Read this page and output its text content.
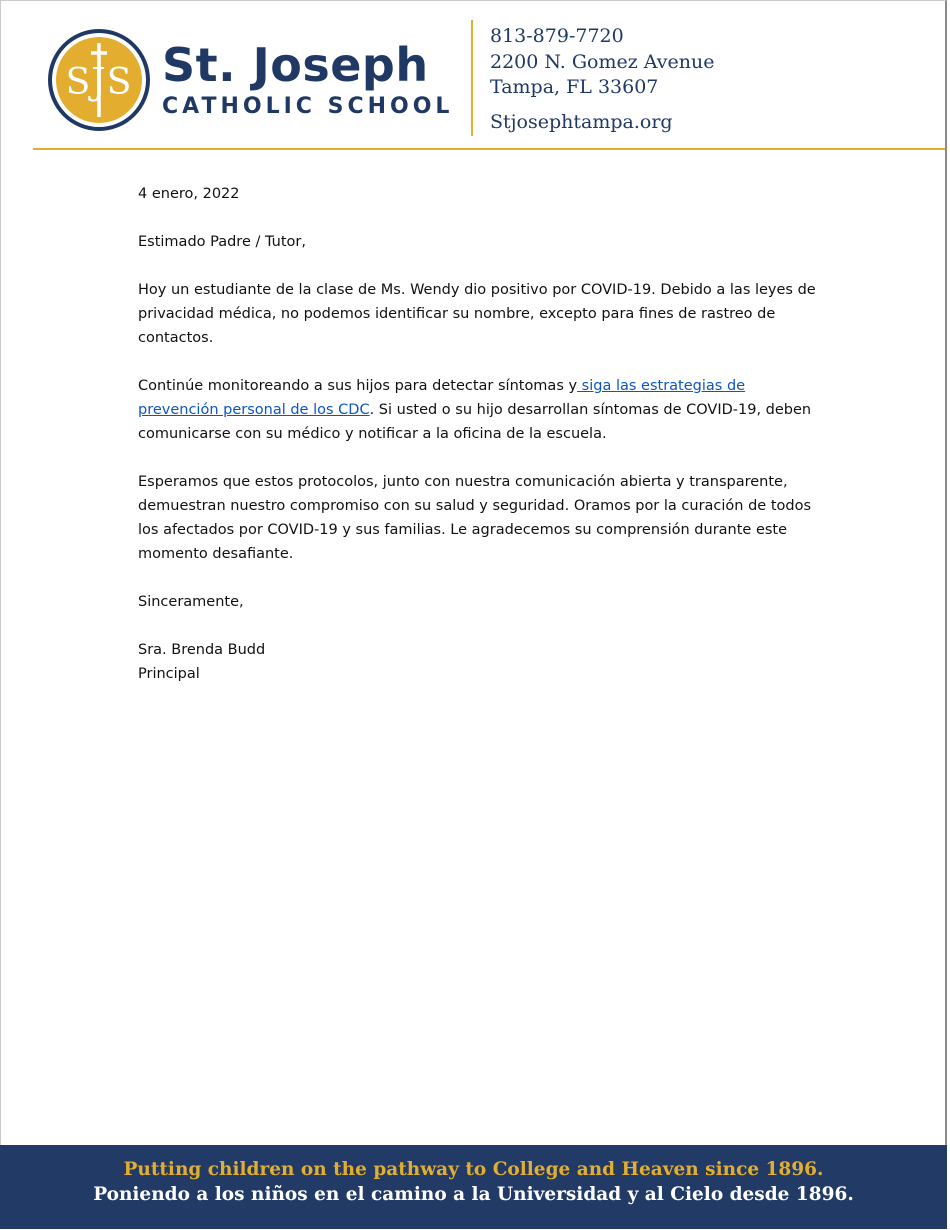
SJS St. Joseph
CATHOLIC SCHOOL
813-879-7720
2200 N. Gomez Avenue
Tampa, FL 33607
Stjosephtampa.org

4 enero, 2022

Estimado Padre / Tutor,

Hoy un estudiante de la clase de Ms. Wendy dio positivo por COVID-19. Debido a las leyes de privacidad médica, no podemos identificar su nombre, excepto para fines de rastreo de contactos.

Continúe monitoreando a sus hijos para detectar síntomas y siga las estrategias de prevención personal de los CDC. Si usted o su hijo desarrollan síntomas de COVID-19, deben comunicarse con su médico y notificar a la oficina de la escuela.

Esperamos que estos protocolos, junto con nuestra comunicación abierta y transparente, demuestran nuestro compromiso con su salud y seguridad. Oramos por la curación de todos los afectados por COVID-19 y sus familias. Le agradecemos su comprensión durante este momento desafiante.

Sinceramente,

Sra. Brenda Budd

Principal

Putting children on the pathway to College and Heaven since 1896.
Poniendo a los niños en el camino a la Universidad y al Cielo desde 1896.
